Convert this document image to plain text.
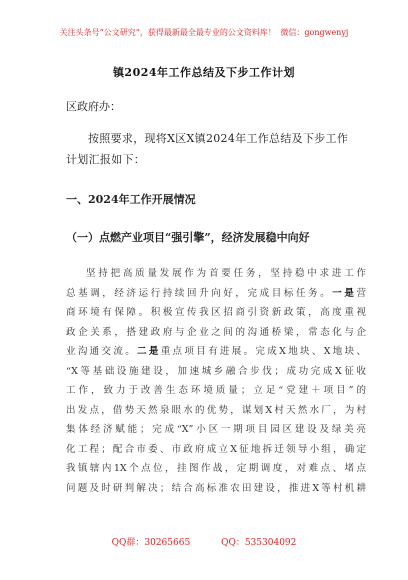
关注头条号“公文研究”，获得最新最全最专业的公文资料库！ 微信：gongwenyj
镇2024年工作总结及下步工作计划
区政府办：
按照要求，现将X区X镇2024年工作总结及下步工作
计划汇报如下：
一、2024年工作开展情况
（一）点燃产业项目“强引擎”，经济发展稳中向好
坚持把高质量发展作为首要任务，坚持稳中求进工作
总基调，经济运行持续回升向好，完成目标任务。一是营
商环境有保障。积极宣传我区招商引资新政策，高度重视
政企关系，搭建政府与企业之间的沟通桥梁，常态化与企
业沟通交流。二是重点项目有进展。完成X地块、X地块、
“X等基础设施建设，加速城乡融合步伐；成功完成X征收
工作，致力于改善生态环境质量；立足“党建＋项目”的
出发点，借势天然泉眼水的优势，谋划X村天然水厂，为村
集体经济赋能；完成“X”小区一期项目园区建设及绿美亮
化工程；配合市委、市政府成立X征地拆迁领导小组，确定
我镇辖内1X个点位，挂图作战，定期调度，对难点、堵点
问题及时研判解决；结合高标准农田建设，推进X等村机耕
QQ群：30265665	QQ：535304092
